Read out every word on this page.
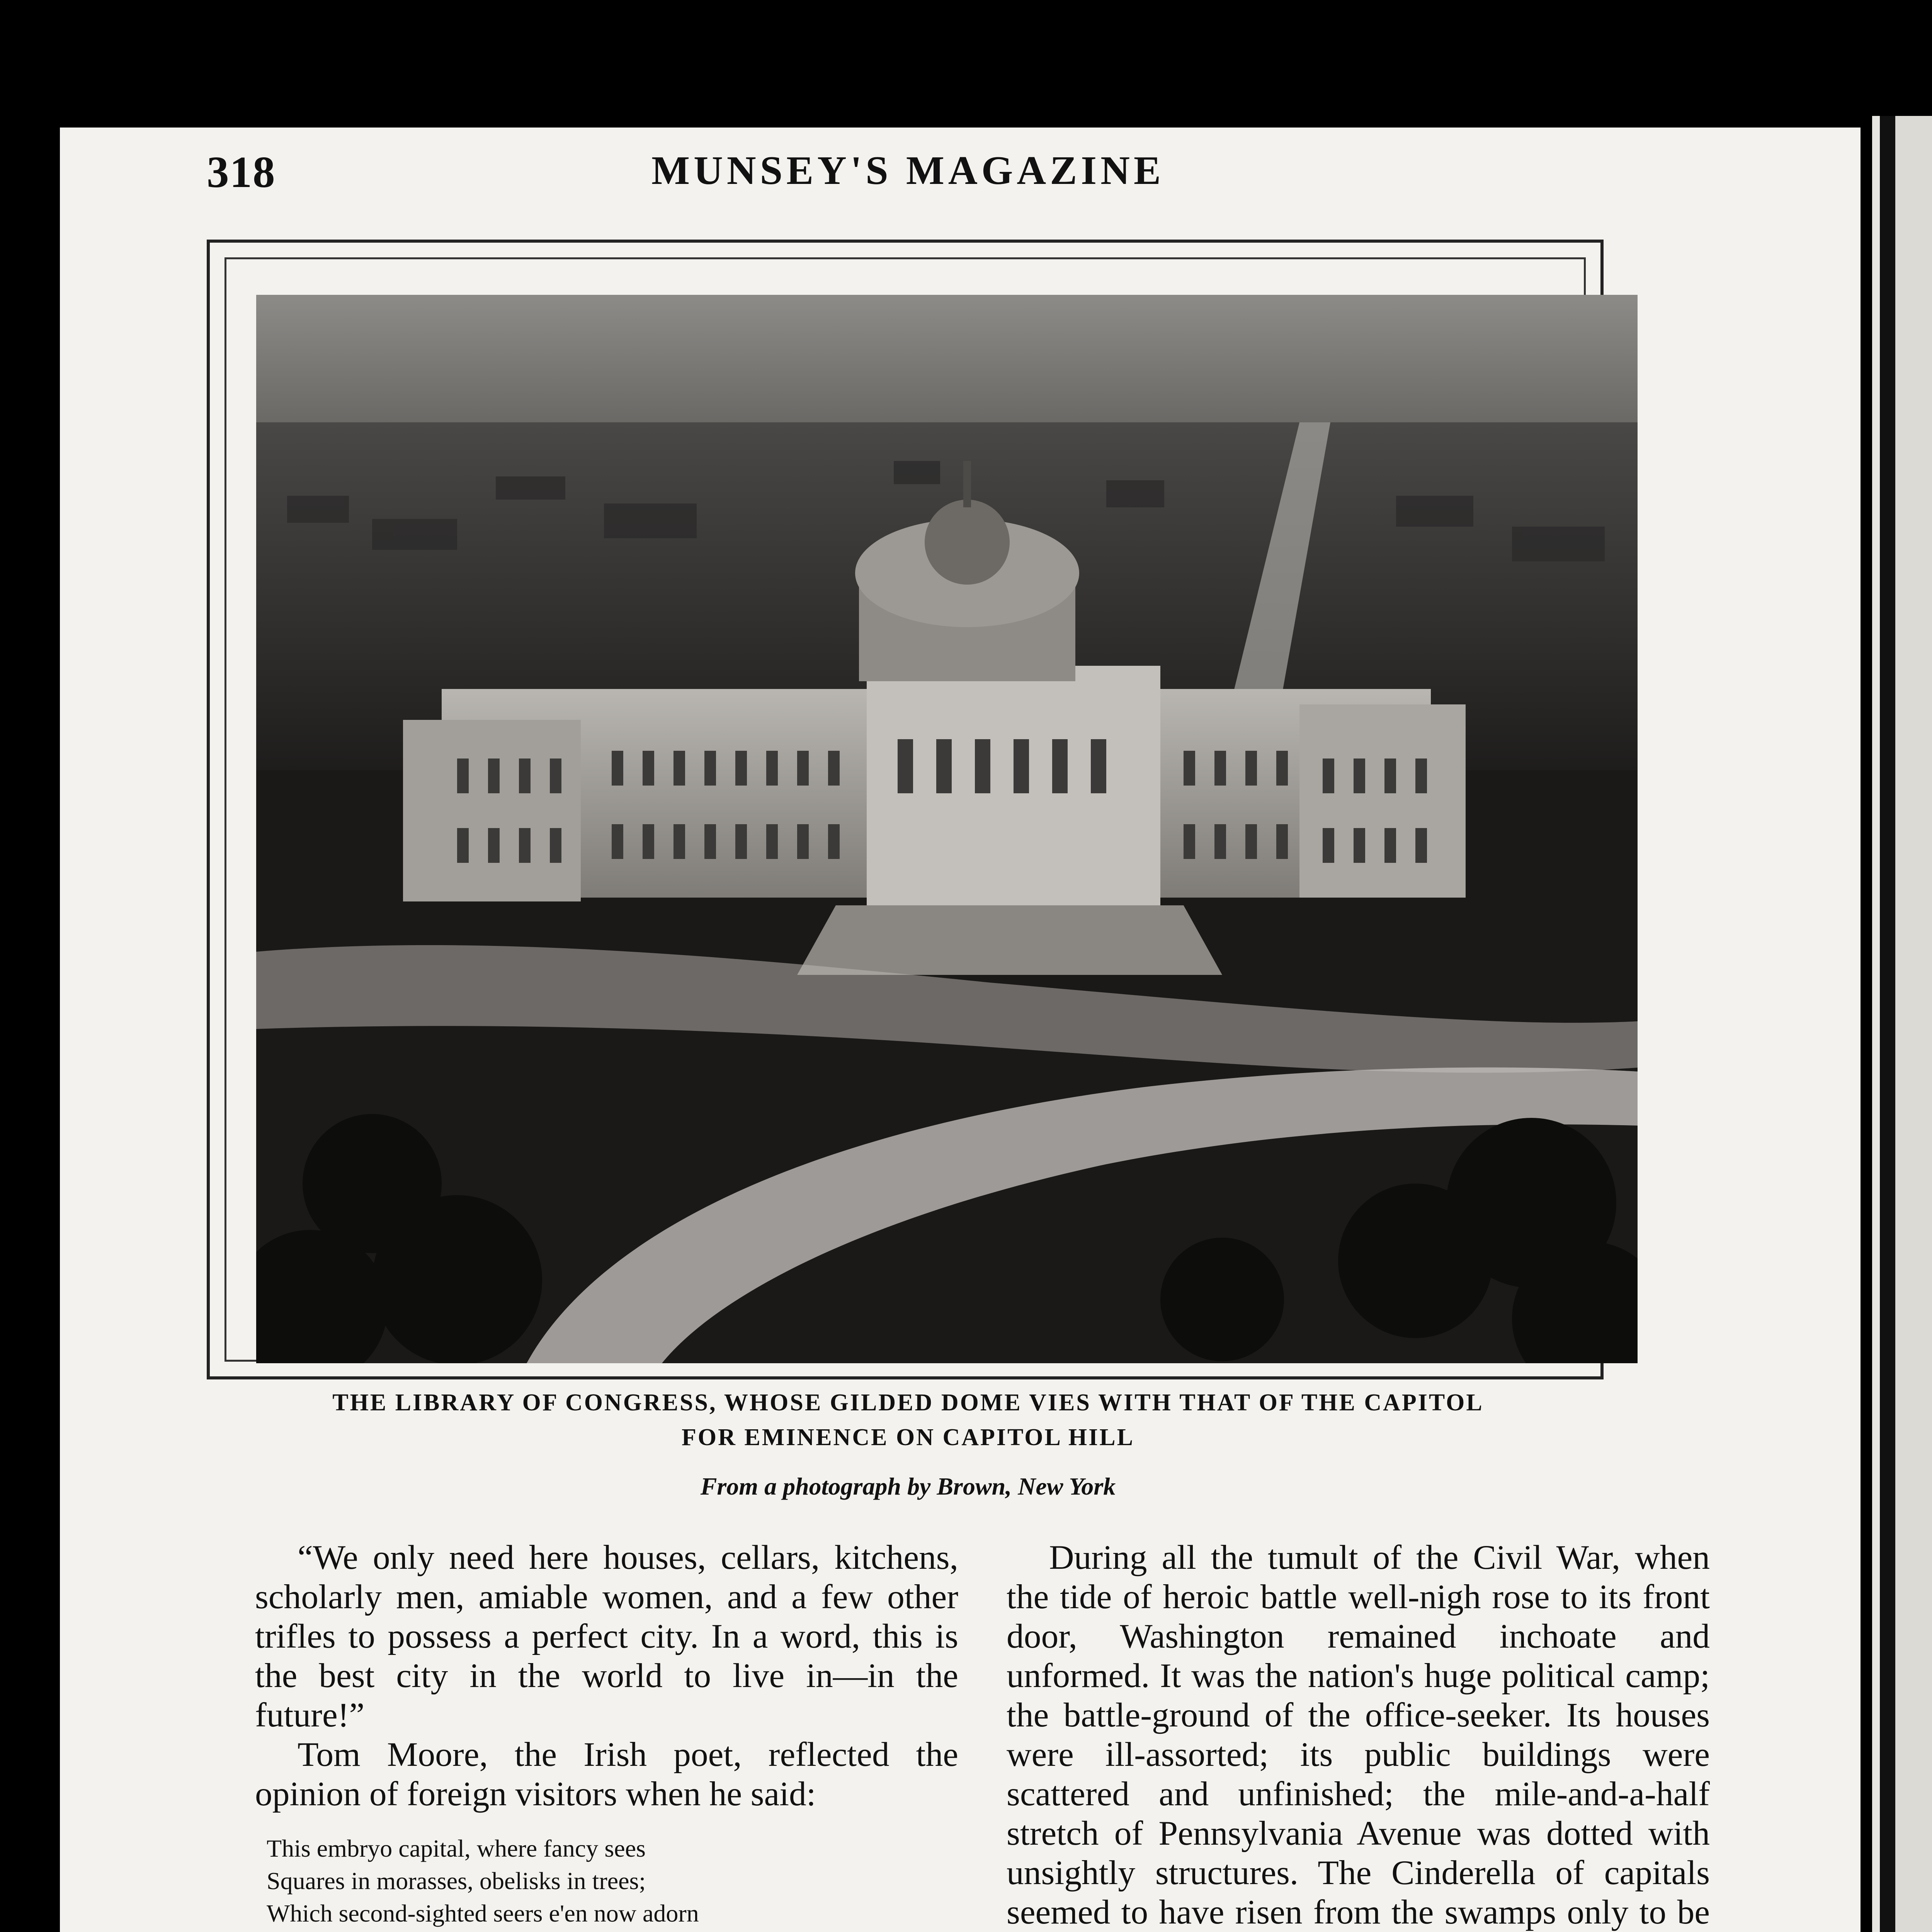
318	MUNSEY'S MAGAZINE
THE LIBRARY OF CONGRESS, WHOSE GILDED DOME VIES WITH THAT OF THE CAPITOL
FOR EMINENCE ON CAPITOL HILL
From a photograph by Brown, New York

“We only need here houses, cellars, kitchens, scholarly men, amiable women, and a few other trifles to possess a perfect city. In a word, this is the best city in the world to live in—in the future!”

Tom Moore, the Irish poet, reflected the opinion of foreign visitors when he said:

This embryo capital, where fancy sees
Squares in morasses, obelisks in trees;
Which second-sighted seers e'en now adorn

During all the tumult of the Civil War, when the tide of heroic battle well-nigh rose to its front door, Washington remained inchoate and unformed. It was the nation's huge political camp; the battle-ground of the office-seeker. Its houses were ill-assorted; its public buildings were scattered and unfinished; the mile-and-a-half stretch of Pennsylvania Avenue was dotted with unsightly structures. The Cinderella of capitals seemed to have risen from the swamps only to be
